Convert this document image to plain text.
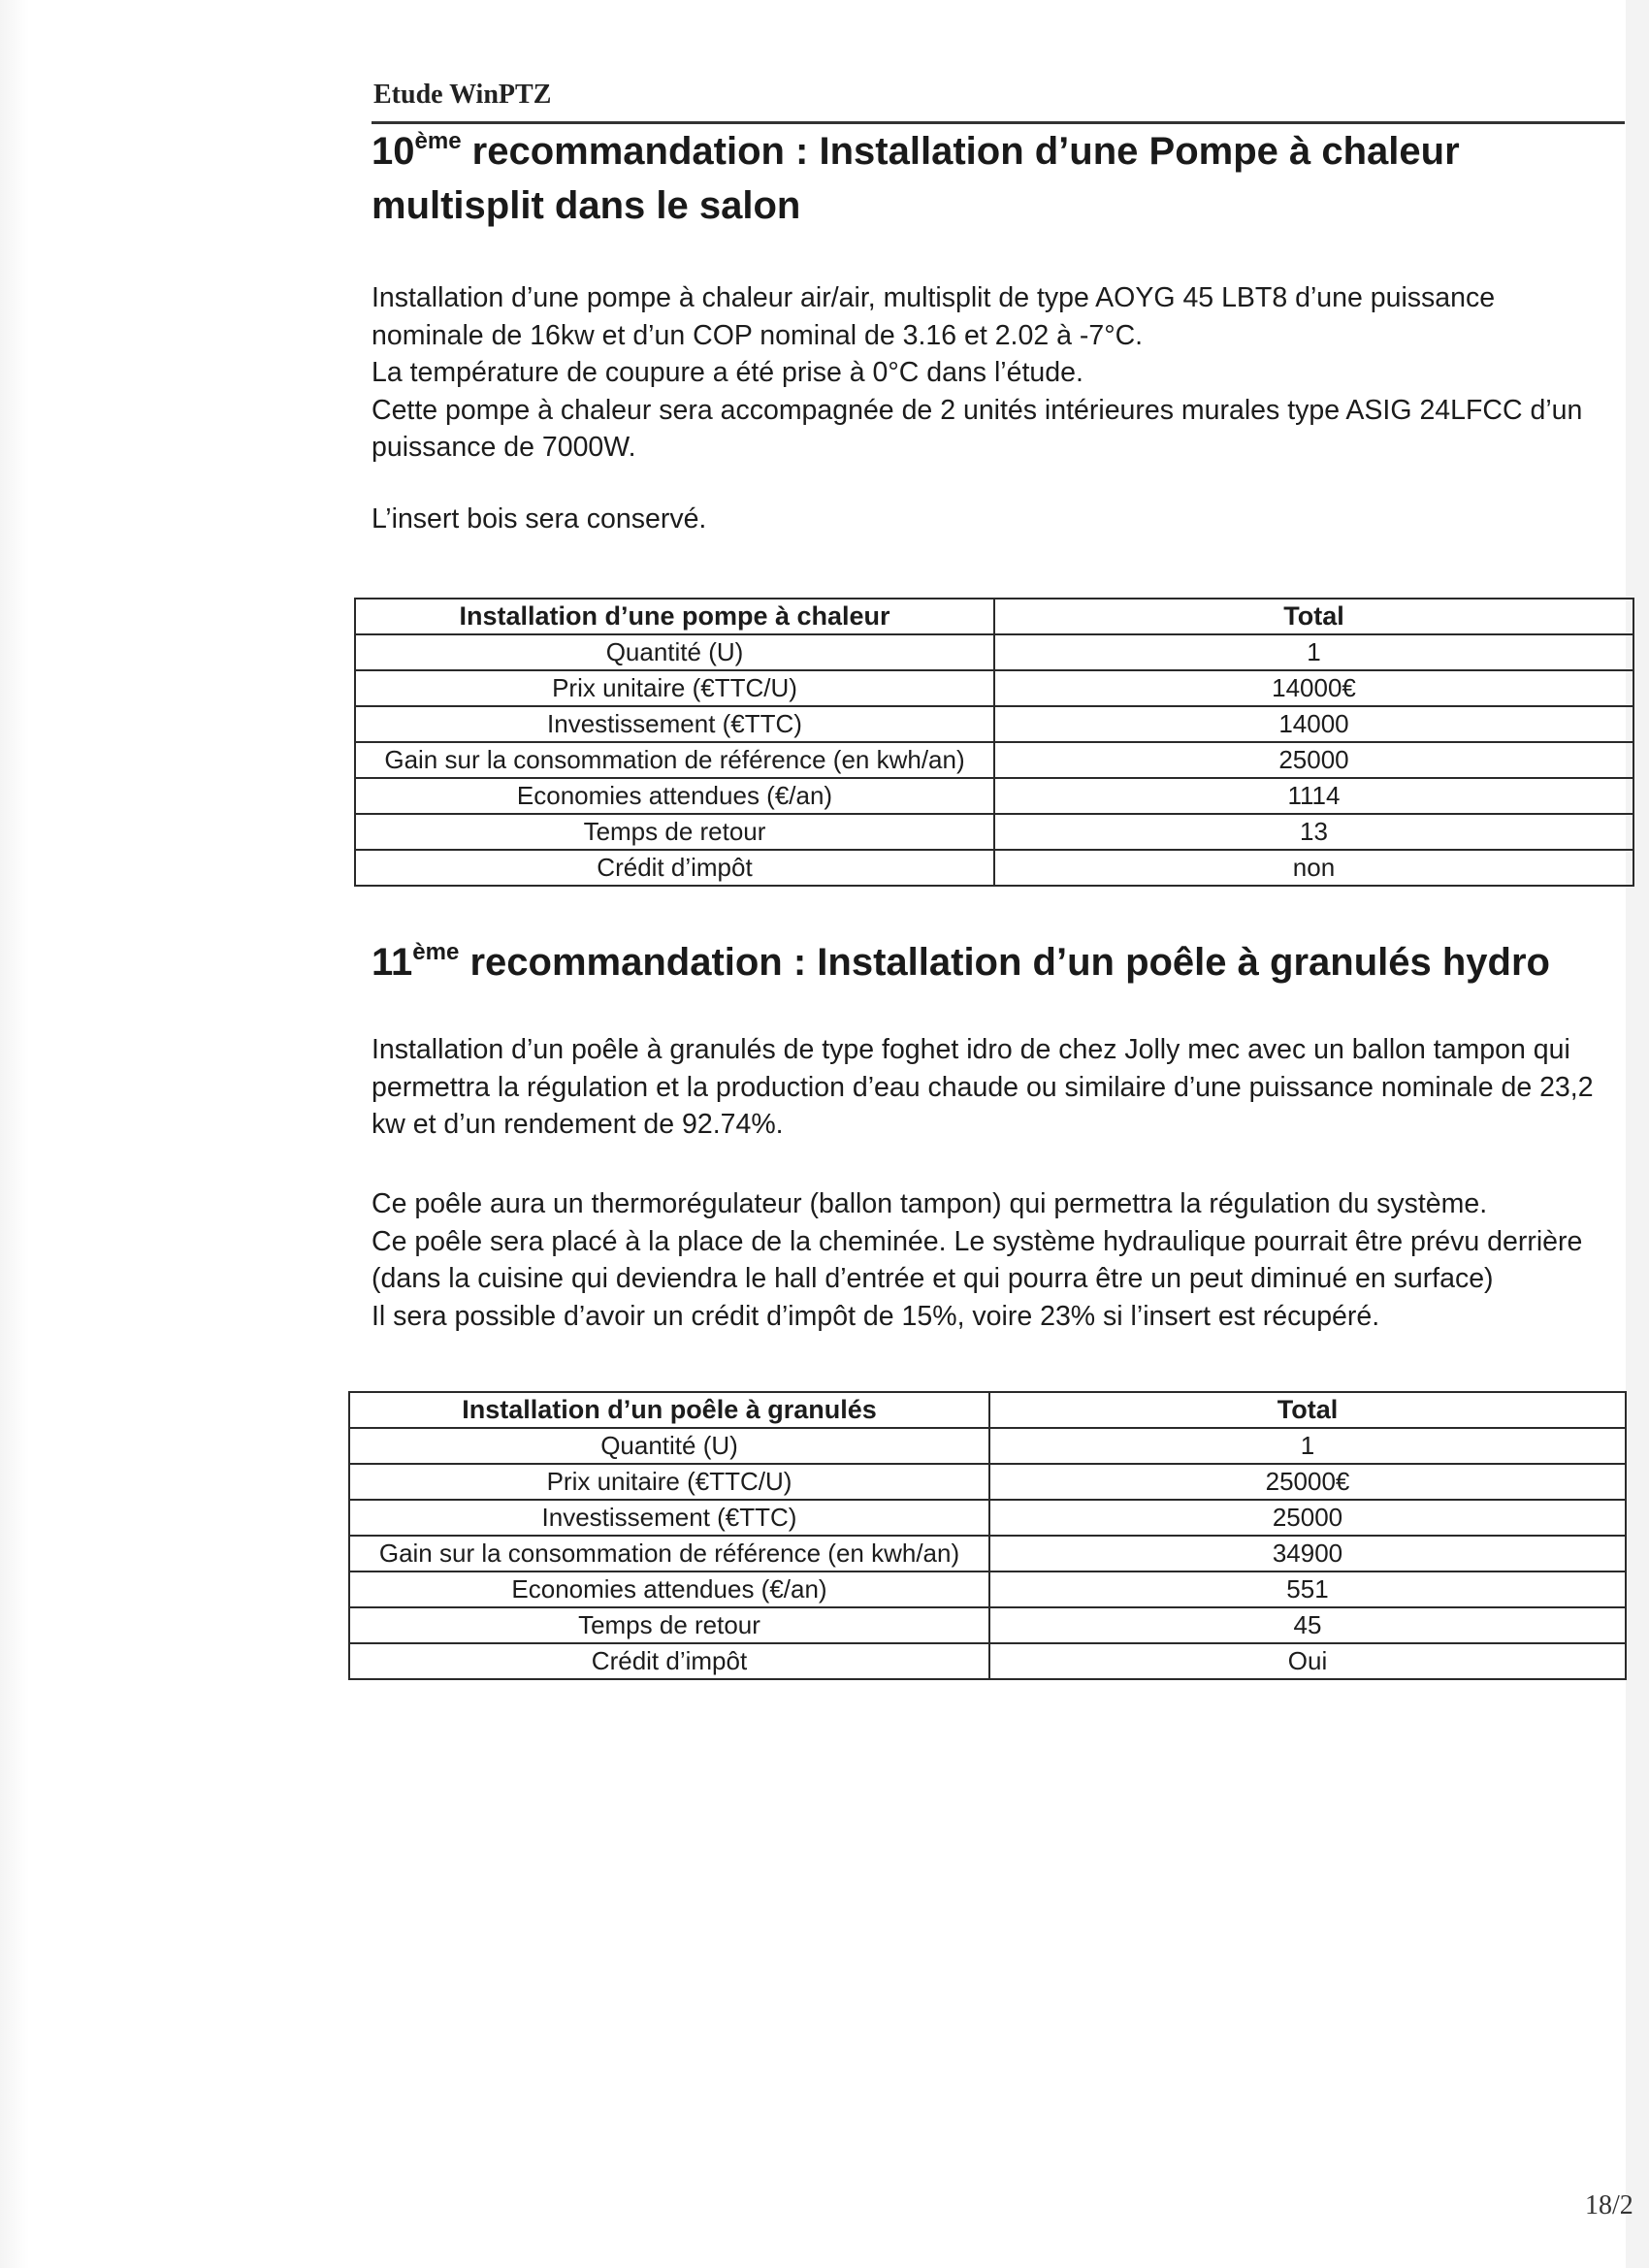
Etude WinPTZ
10ème recommandation : Installation d’une Pompe à chaleur
multisplit dans le salon
Installation d’une pompe à chaleur air/air, multisplit de type AOYG 45 LBT8 d’une puissance
nominale de 16kw et d’un COP nominal de 3.16 et 2.02 à -7°C.
La température de coupure a été prise à 0°C dans l’étude.
Cette pompe à chaleur sera accompagnée de 2 unités intérieures murales type ASIG 24LFCC d’un
puissance de 7000W.
L’insert bois sera conservé.
Installation d’une pompe à chaleur	Total
Quantité (U)	1
Prix unitaire (€TTC/U)	14000€
Investissement (€TTC)	14000
Gain sur la consommation de référence (en kwh/an)	25000
Economies attendues (€/an)	1114
Temps de retour	13
Crédit d’impôt	non
11ème recommandation : Installation d’un poêle à granulés hydro
Installation d’un poêle à granulés de type foghet idro de chez Jolly mec avec un ballon tampon qui
permettra la régulation et la production d’eau chaude ou similaire d’une puissance nominale de 23,2
kw et d’un rendement de 92.74%.
Ce poêle aura un thermorégulateur (ballon tampon) qui permettra la régulation du système.
Ce poêle sera placé à la place de la cheminée. Le système hydraulique pourrait être prévu derrière
(dans la cuisine qui deviendra le hall d’entrée et qui pourra être un peut diminué en surface)
Il sera possible d’avoir un crédit d’impôt de 15%, voire 23% si l’insert est récupéré.
Installation d’un poêle à granulés	Total
Quantité (U)	1
Prix unitaire (€TTC/U)	25000€
Investissement (€TTC)	25000
Gain sur la consommation de référence (en kwh/an)	34900
Economies attendues (€/an)	551
Temps de retour	45
Crédit d’impôt	Oui
18/2
